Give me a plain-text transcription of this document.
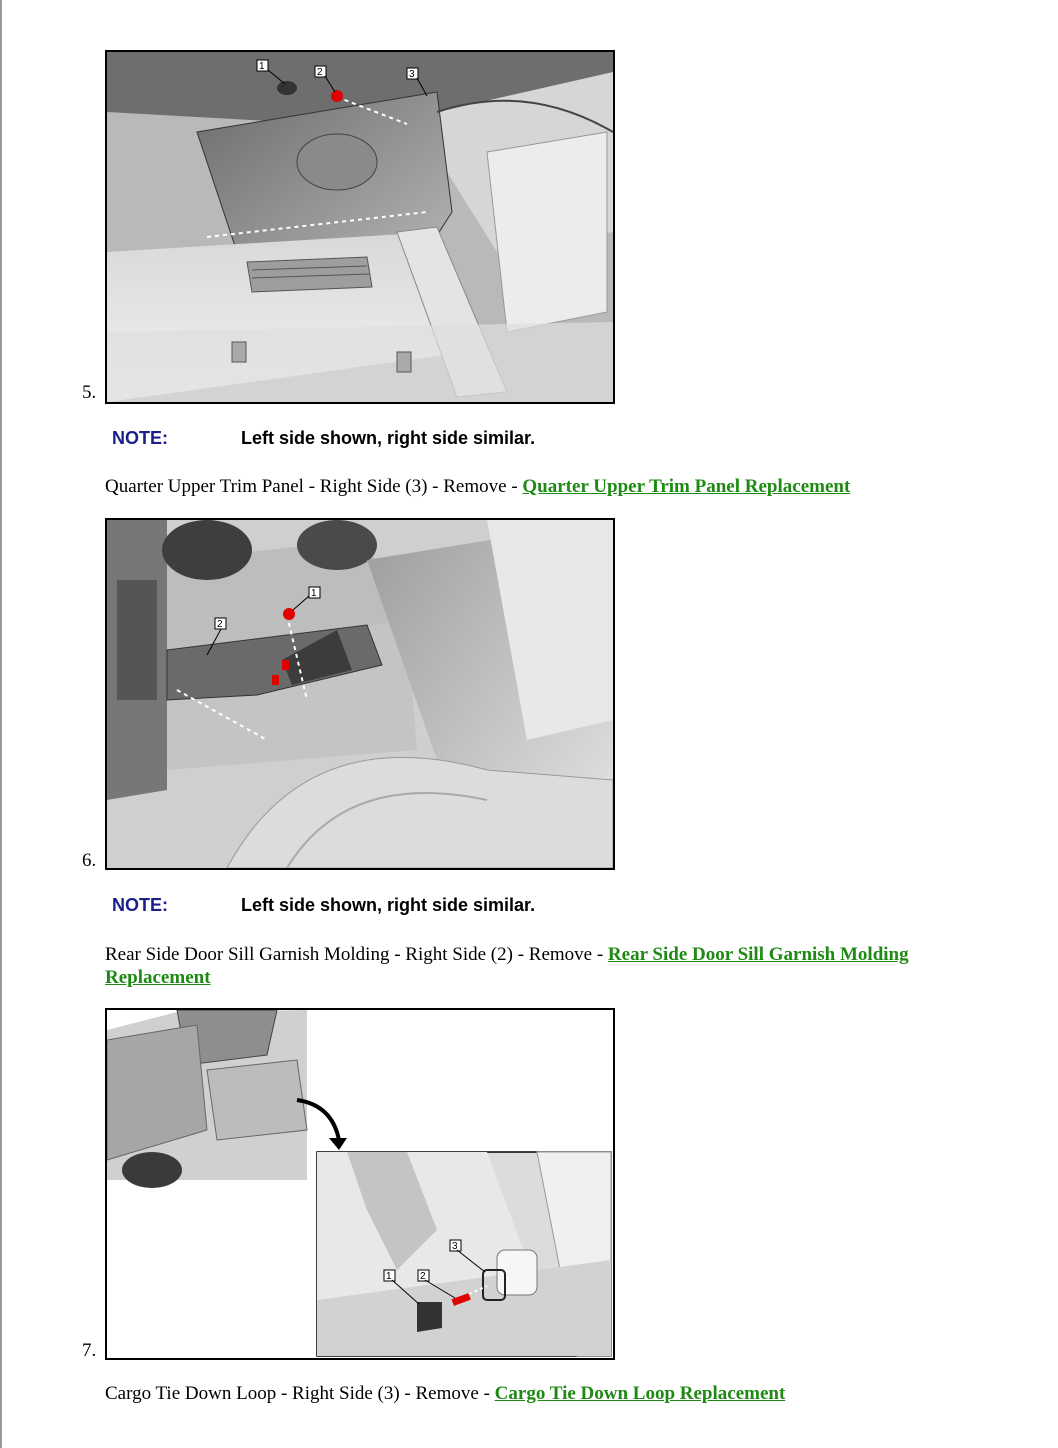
1
2	3
5.
NOTE:	Left side shown, right side similar.
Quarter Upper Trim Panel - Right Side (3) - Remove - Quarter Upper Trim Panel Replacement
1
2
6.
NOTE:	Left side shown, right side similar.
Rear Side Door Sill Garnish Molding - Right Side (2) - Remove - Rear Side Door Sill Garnish Molding Replacement
1	2
3
7.
Cargo Tie Down Loop - Right Side (3) - Remove - Cargo Tie Down Loop Replacement
